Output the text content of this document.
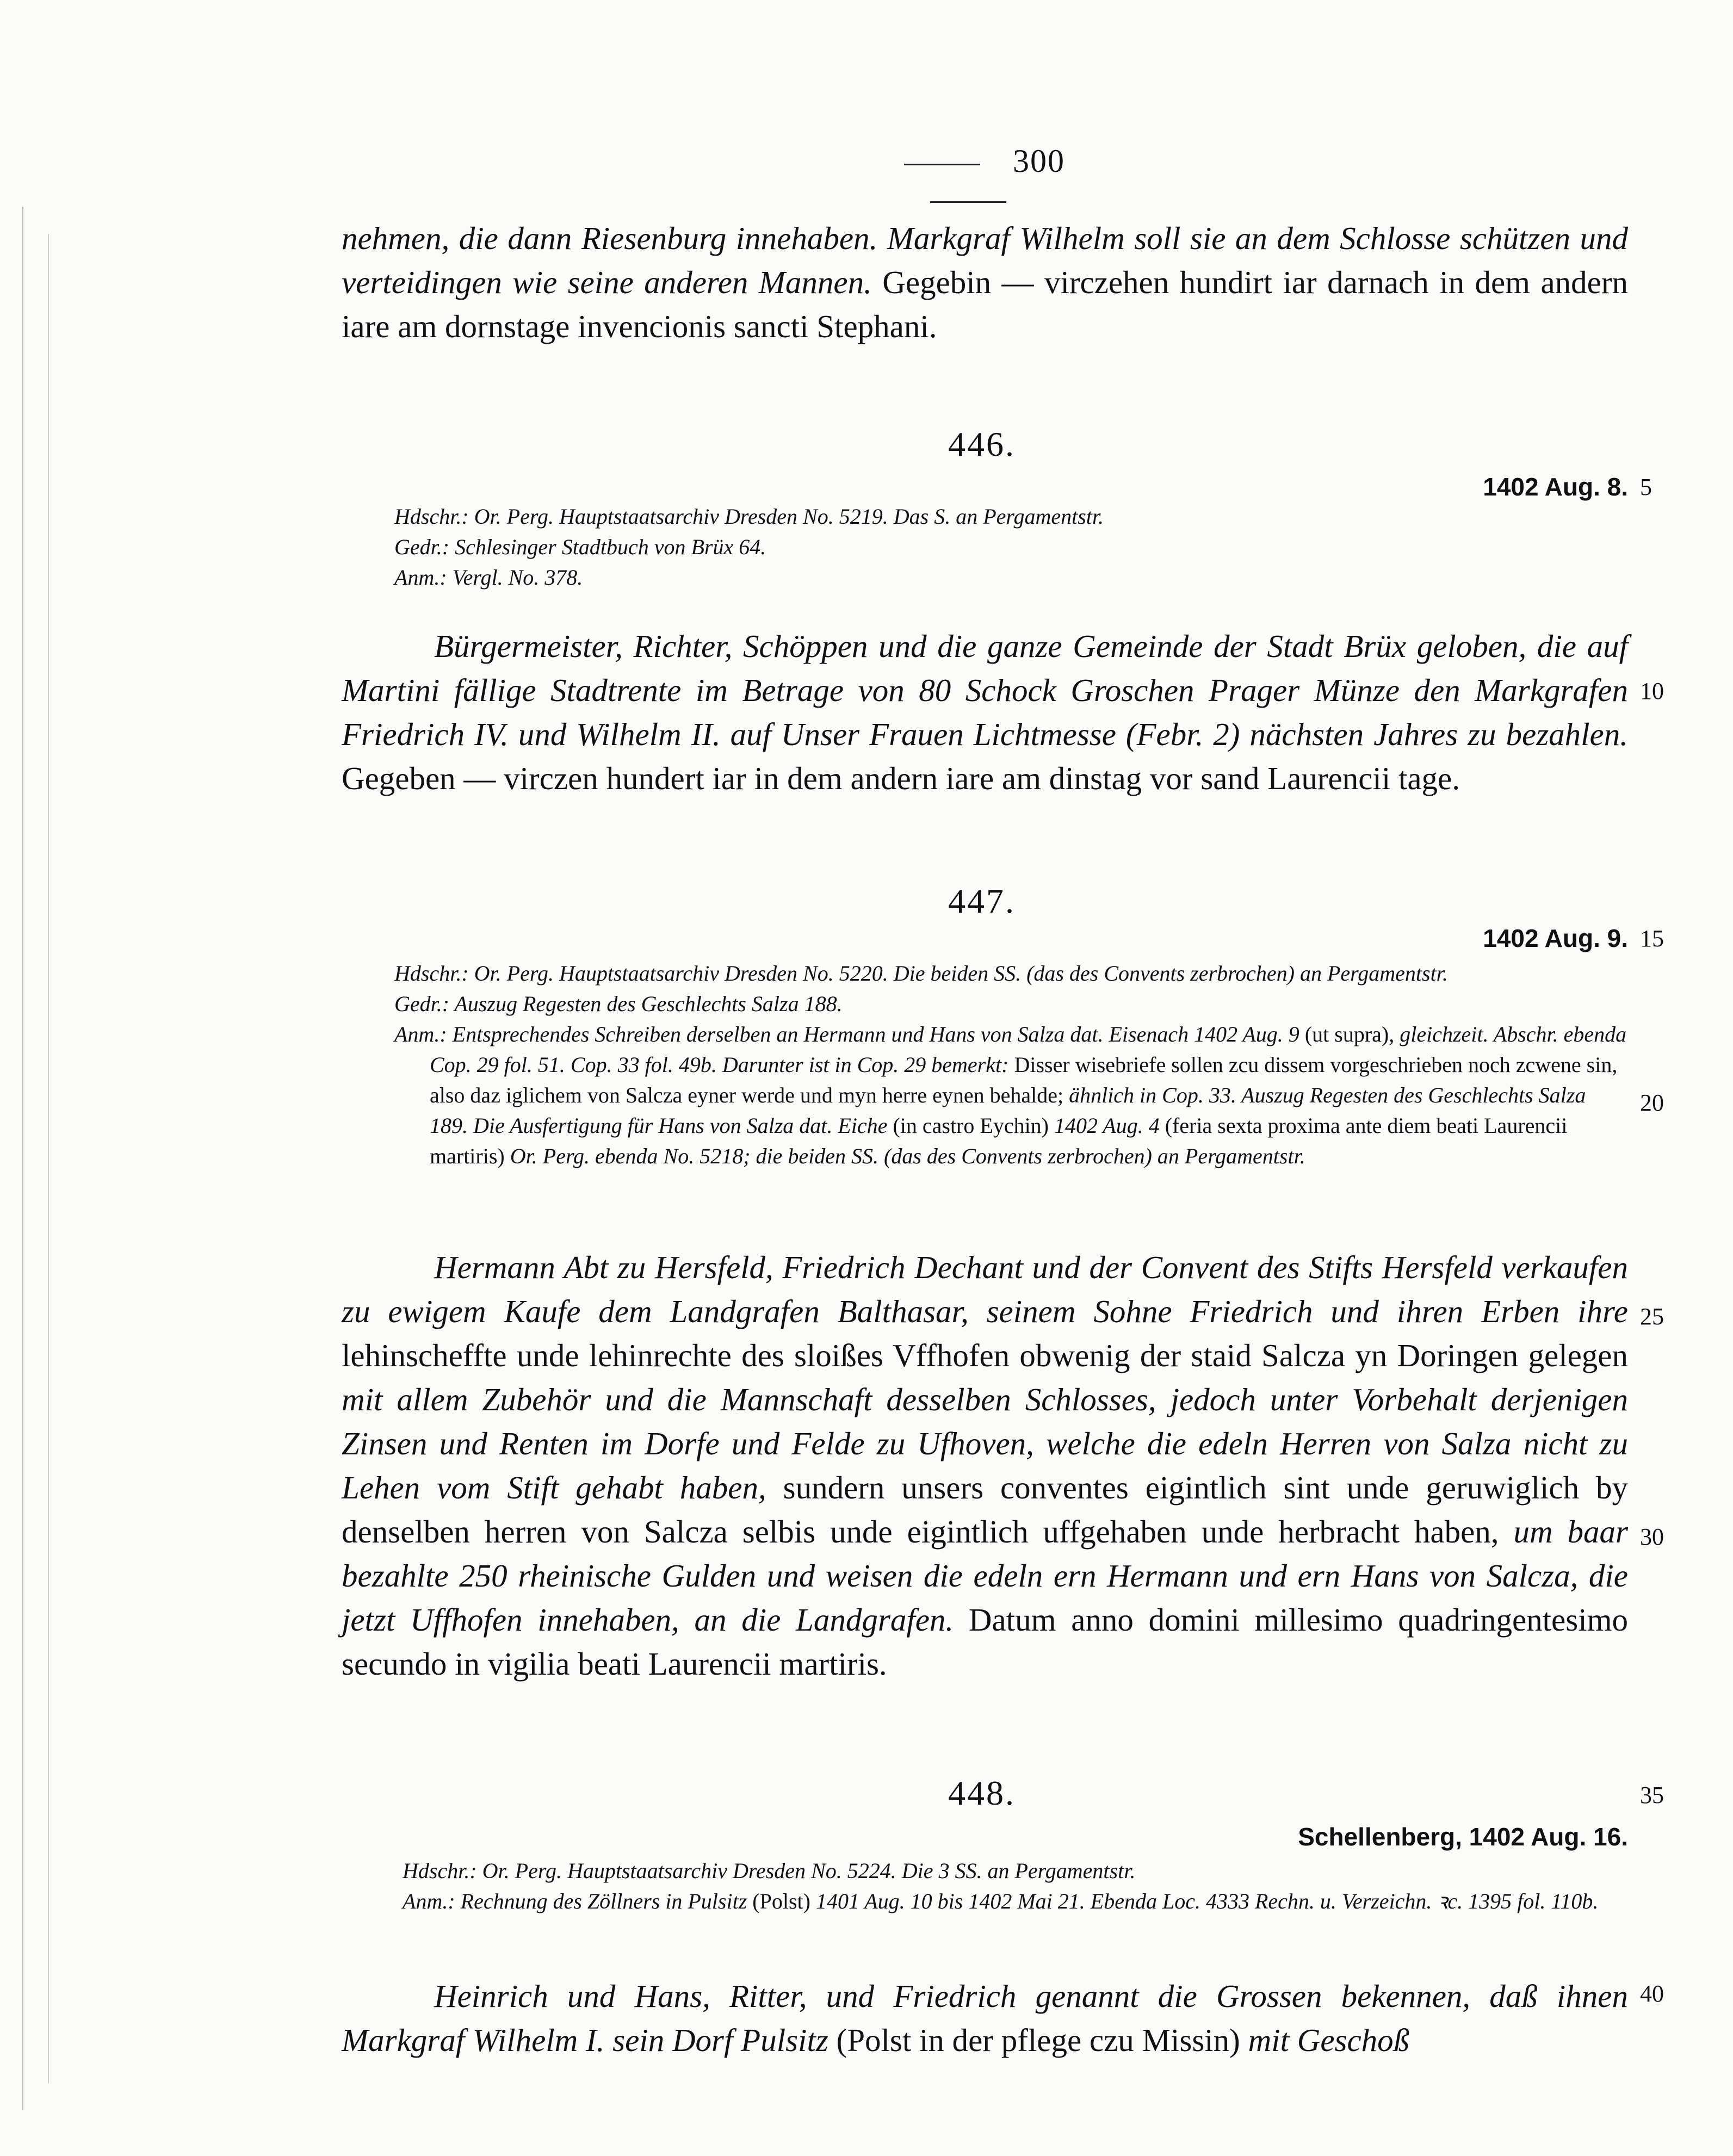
300
nehmen, die dann Riesenburg innehaben. Markgraf Wilhelm soll sie an dem Schlosse schützen und verteidingen wie seine anderen Mannen. Gegebin — virczehen hundirt iar darnach in dem andern iare am dornstage invencionis sancti Stephani.
446.
1402 Aug. 8.

Hdschr.: Or. Perg. Hauptstaatsarchiv Dresden No. 5219. Das S. an Pergamentstr.

Gedr.: Schlesinger Stadtbuch von Brüx 64.

Anm.: Vergl. No. 378.

Bürgermeister, Richter, Schöppen und die ganze Gemeinde der Stadt Brüx geloben, die auf Martini fällige Stadtrente im Betrage von 80 Schock Groschen Prager Münze den Markgrafen Friedrich IV. und Wilhelm II. auf Unser Frauen Lichtmesse (Febr. 2) nächsten Jahres zu bezahlen. Gegeben — virczen hundert iar in dem andern iare am dinstag vor sand Laurencii tage.
447.
1402 Aug. 9.

Hdschr.: Or. Perg. Hauptstaatsarchiv Dresden No. 5220. Die beiden SS. (das des Convents zerbrochen) an Pergamentstr.

Gedr.: Auszug Regesten des Geschlechts Salza 188.

Anm.: Entsprechendes Schreiben derselben an Hermann und Hans von Salza dat. Eisenach 1402 Aug. 9 (ut supra), gleichzeit. Abschr. ebenda Cop. 29 fol. 51. Cop. 33 fol. 49b. Darunter ist in Cop. 29 bemerkt: Disser wisebriefe sollen zcu dissem vorgeschrieben noch zcwene sin, also daz iglichem von Salcza eyner werde und myn herre eynen behalde; ähnlich in Cop. 33. Auszug Regesten des Geschlechts Salza 189. Die Ausfertigung für Hans von Salza dat. Eiche (in castro Eychin) 1402 Aug. 4 (feria sexta proxima ante diem beati Laurencii martiris) Or. Perg. ebenda No. 5218; die beiden SS. (das des Convents zerbrochen) an Pergamentstr.

Hermann Abt zu Hersfeld, Friedrich Dechant und der Convent des Stifts Hersfeld verkaufen zu ewigem Kaufe dem Landgrafen Balthasar, seinem Sohne Friedrich und ihren Erben ihre lehinscheffte unde lehinrechte des sloißes Vffhofen obwenig der staid Salcza yn Doringen gelegen mit allem Zubehör und die Mannschaft desselben Schlosses, jedoch unter Vorbehalt derjenigen Zinsen und Renten im Dorfe und Felde zu Ufhoven, welche die edeln Herren von Salza nicht zu Lehen vom Stift gehabt haben, sundern unsers conventes eigintlich sint unde geruwiglich by denselben herren von Salcza selbis unde eigintlich uffgehaben unde herbracht haben, um baar bezahlte 250 rheinische Gulden und weisen die edeln ern Hermann und ern Hans von Salcza, die jetzt Uffhofen innehaben, an die Landgrafen. Datum anno domini millesimo quadringentesimo secundo in vigilia beati Laurencii martiris.
448.
Schellenberg, 1402 Aug. 16.

Hdschr.: Or. Perg. Hauptstaatsarchiv Dresden No. 5224. Die 3 SS. an Pergamentstr.

Anm.: Rechnung des Zöllners in Pulsitz (Polst) 1401 Aug. 10 bis 1402 Mai 21. Ebenda Loc. 4333 Rechn. u. Verzeichn. ꝛc. 1395 fol. 110b.

Heinrich und Hans, Ritter, und Friedrich genannt die Grossen bekennen, daß ihnen Markgraf Wilhelm I. sein Dorf Pulsitz (Polst in der pflege czu Missin) mit Geschoß
5
10
15
20
25
30
35
40
